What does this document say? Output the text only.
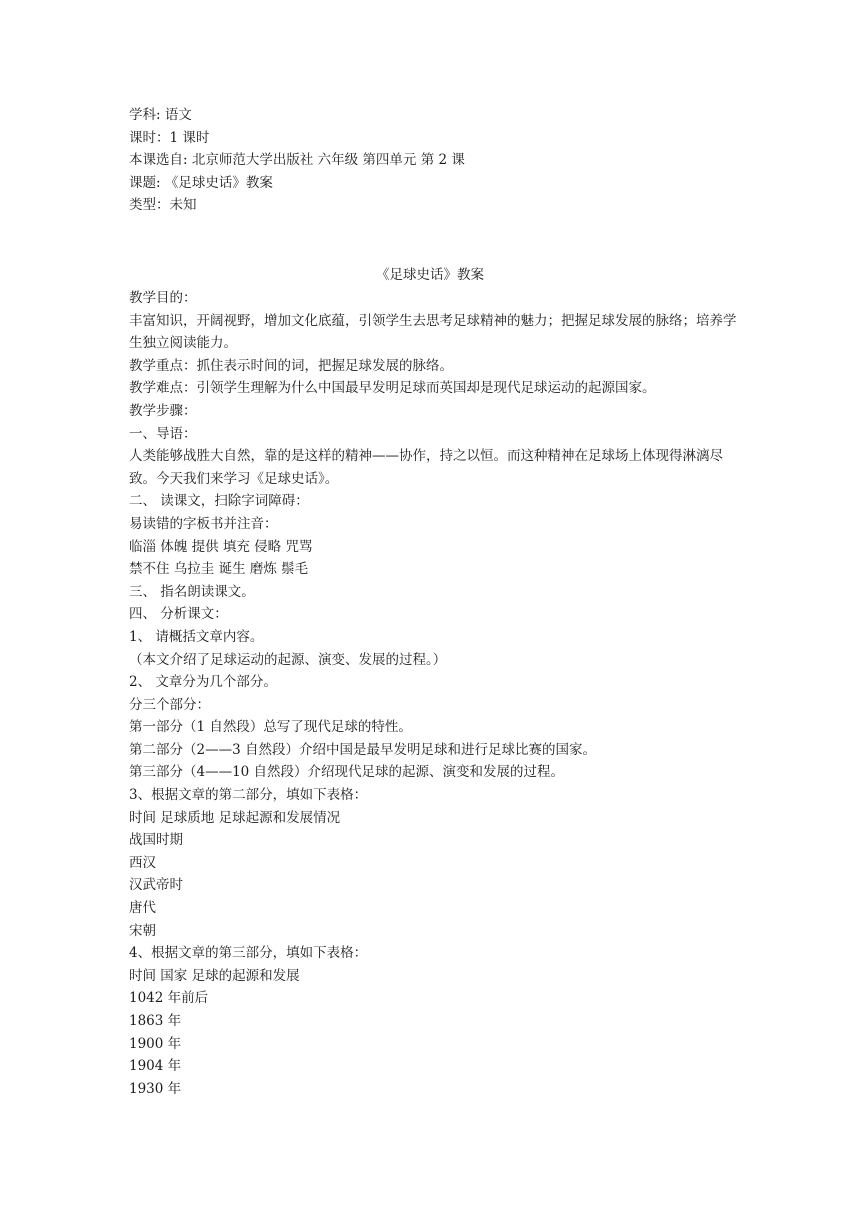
学科: 语文

课时：1 课时

本课选自: 北京师范大学出版社 六年级 第四单元 第 2 课

课题: 《足球史话》教案

类型：未知

《足球史话》教案

教学目的：

丰富知识，开阔视野，增加文化底蕴，引领学生去思考足球精神的魅力；把握足球发展的脉络；培养学生独立阅读能力。

教学重点：抓住表示时间的词，把握足球发展的脉络。

教学难点：引领学生理解为什么中国最早发明足球而英国却是现代足球运动的起源国家。

教学步骤：

一、导语：

人类能够战胜大自然，靠的是这样的精神——协作，持之以恒。而这种精神在足球场上体现得淋漓尽致。今天我们来学习《足球史话》。

二、 读课文，扫除字词障碍：

易读错的字板书并注音：

临淄 体魄 提供 填充 侵略 咒骂

禁不住 乌拉圭 诞生 磨炼 鬃毛

三、 指名朗读课文。

四、 分析课文：

1、 请概括文章内容。

（本文介绍了足球运动的起源、演变、发展的过程。）

2、 文章分为几个部分。

分三个部分：

第一部分（1 自然段）总写了现代足球的特性。

第二部分（2——3 自然段）介绍中国是最早发明足球和进行足球比赛的国家。

第三部分（4——10 自然段）介绍现代足球的起源、演变和发展的过程。

3、根据文章的第二部分，填如下表格：

时间 足球质地 足球起源和发展情况

战国时期

西汉

汉武帝时

唐代

宋朝

4、根据文章的第三部分，填如下表格：

时间 国家 足球的起源和发展

1042 年前后

1863 年

1900 年

1904 年

1930 年
